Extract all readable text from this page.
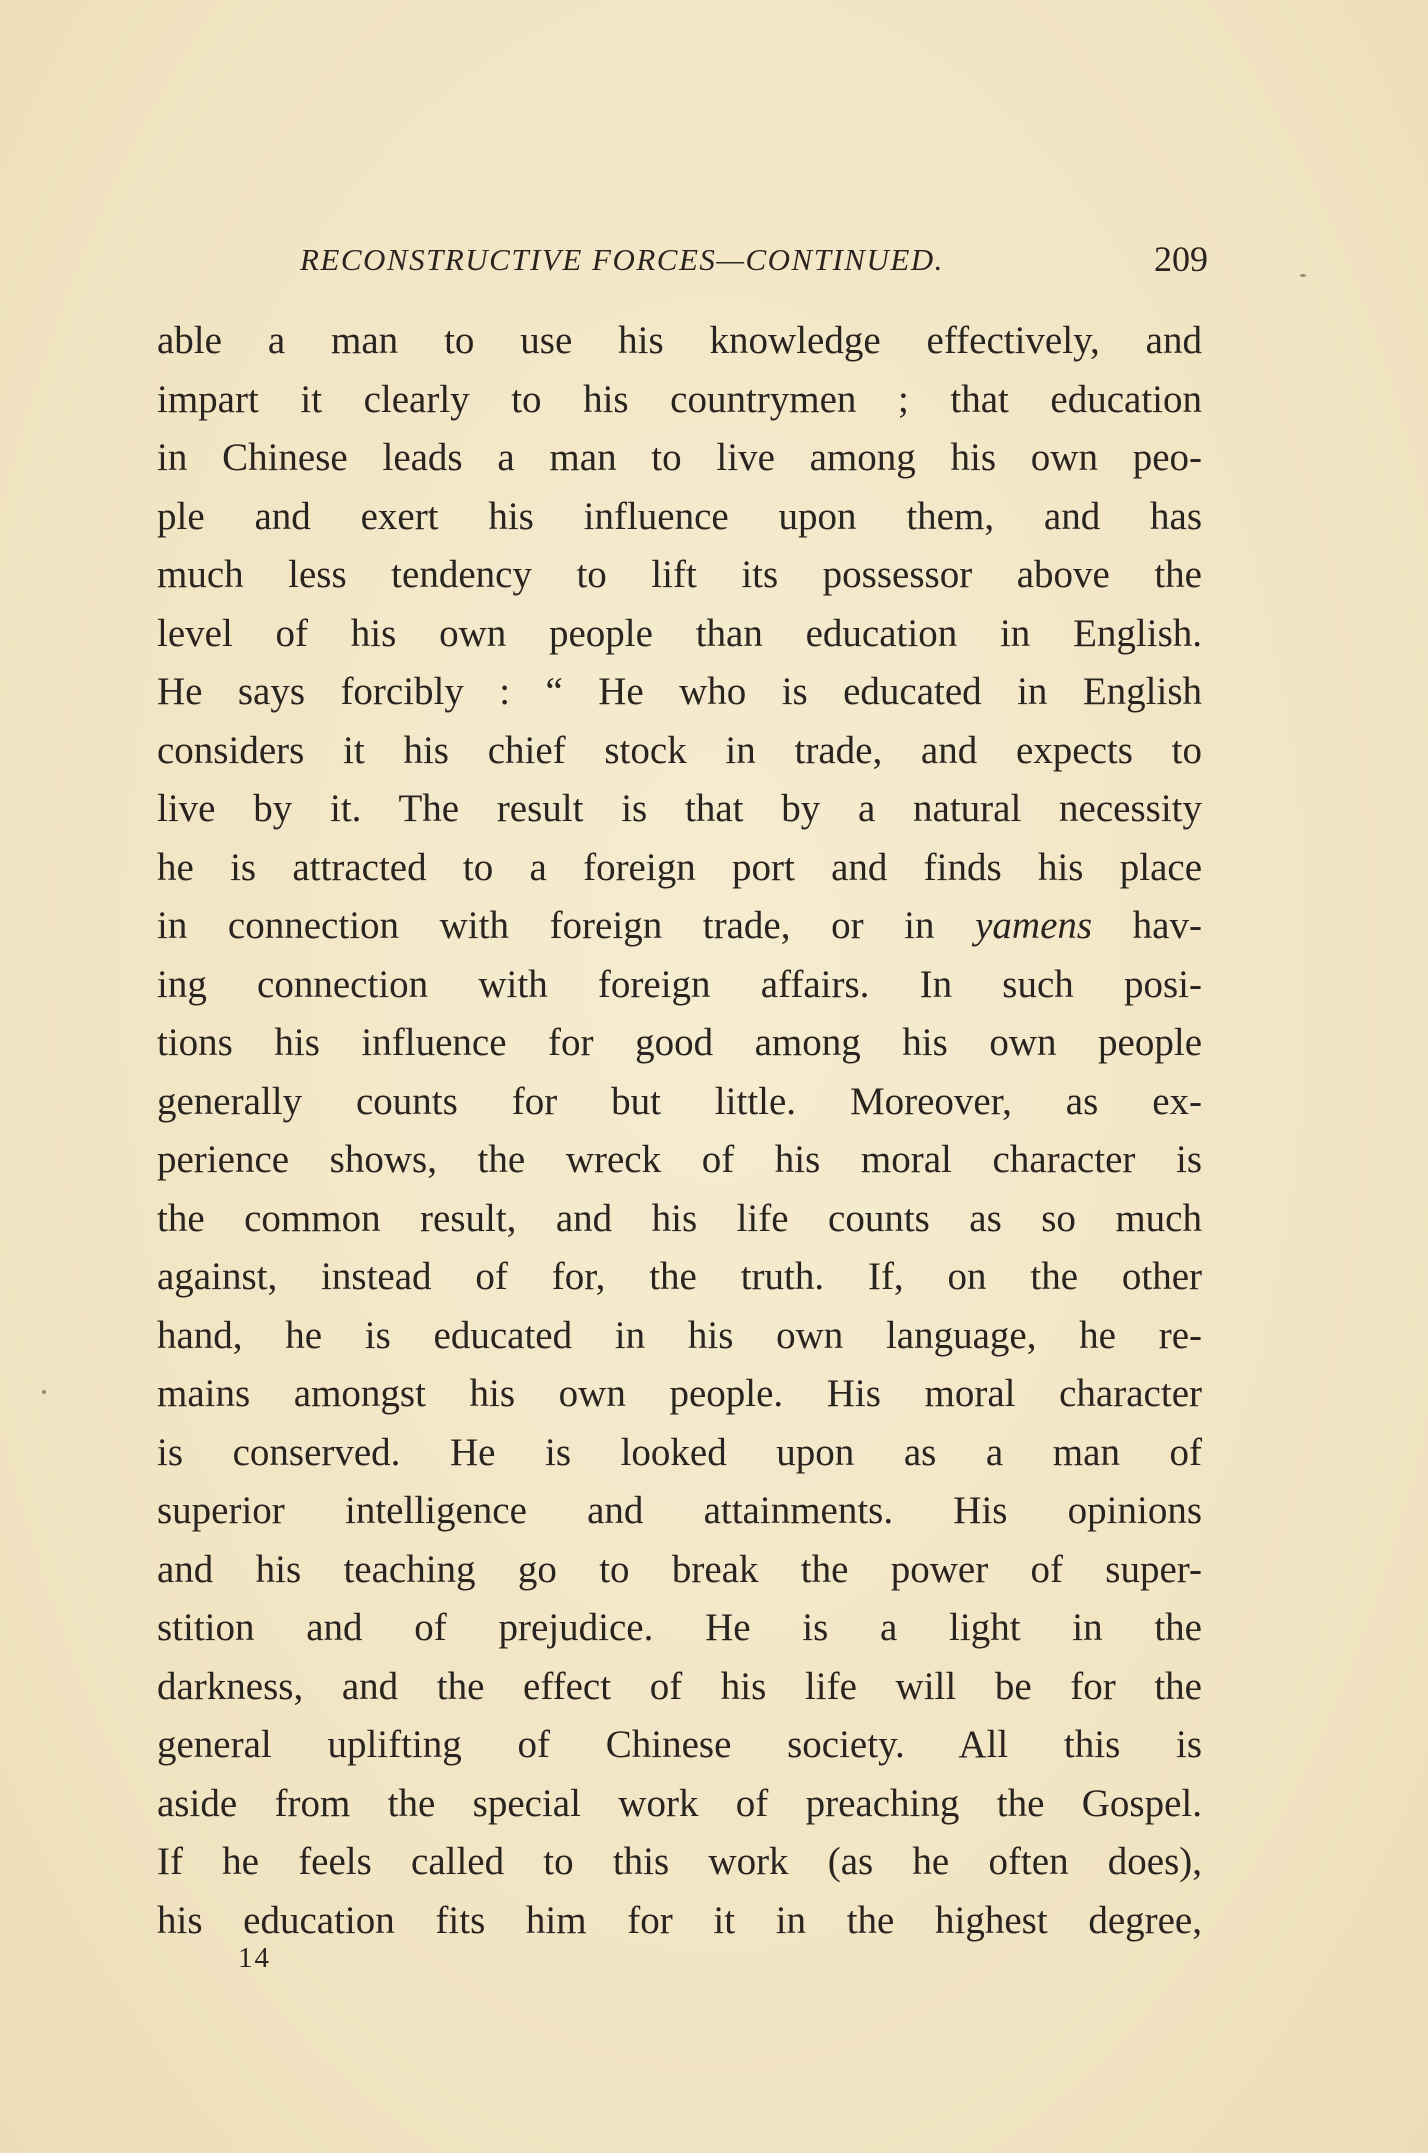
RECONSTRUCTIVE FORCES—CONTINUED.	209
able a man to use his knowledge effectively, and
impart it clearly to his countrymen ; that education
in Chinese leads a man to live among his own peo-
ple and exert his influence upon them, and has
much less tendency to lift its possessor above the
level of his own people than education in English.
He says forcibly : “ He who is educated in English
considers it his chief stock in trade, and expects to
live by it. The result is that by a natural necessity
he is attracted to a foreign port and finds his place
in connection with foreign trade, or in yamens hav-
ing connection with foreign affairs. In such posi-
tions his influence for good among his own people
generally counts for but little. Moreover, as ex-
perience shows, the wreck of his moral character is
the common result, and his life counts as so much
against, instead of for, the truth. If, on the other
hand, he is educated in his own language, he re-
mains amongst his own people. His moral character
is conserved. He is looked upon as a man of
superior intelligence and attainments. His opinions
and his teaching go to break the power of super-
stition and of prejudice. He is a light in the
darkness, and the effect of his life will be for the
general uplifting of Chinese society. All this is
aside from the special work of preaching the Gospel.
If he feels called to this work (as he often does),
his education fits him for it in the highest degree,
14
